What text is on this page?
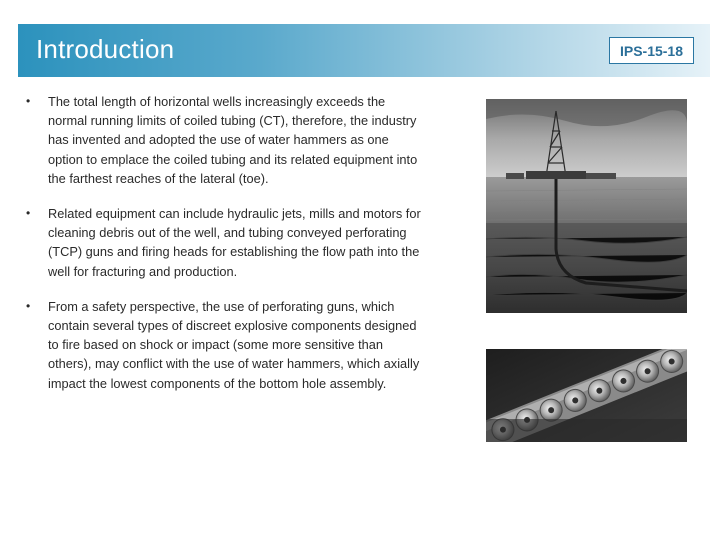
Introduction	IPS-15-18
• The total length of horizontal wells increasingly exceeds the normal running limits of coiled tubing (CT), therefore, the industry has invented and adopted the use of water hammers as one option to emplace the coiled tubing and its related equipment into the farthest reaches of the lateral (toe).
• Related equipment can include hydraulic jets, mills and motors for cleaning debris out of the well, and tubing conveyed perforating (TCP) guns and firing heads for establishing the flow path into the well for fracturing and production.
• From a safety perspective, the use of perforating guns, which contain several types of discreet explosive components designed to fire based on shock or impact (some more sensitive than others), may conflict with the use of water hammers, which axially impact the lowest components of the bottom hole assembly.
